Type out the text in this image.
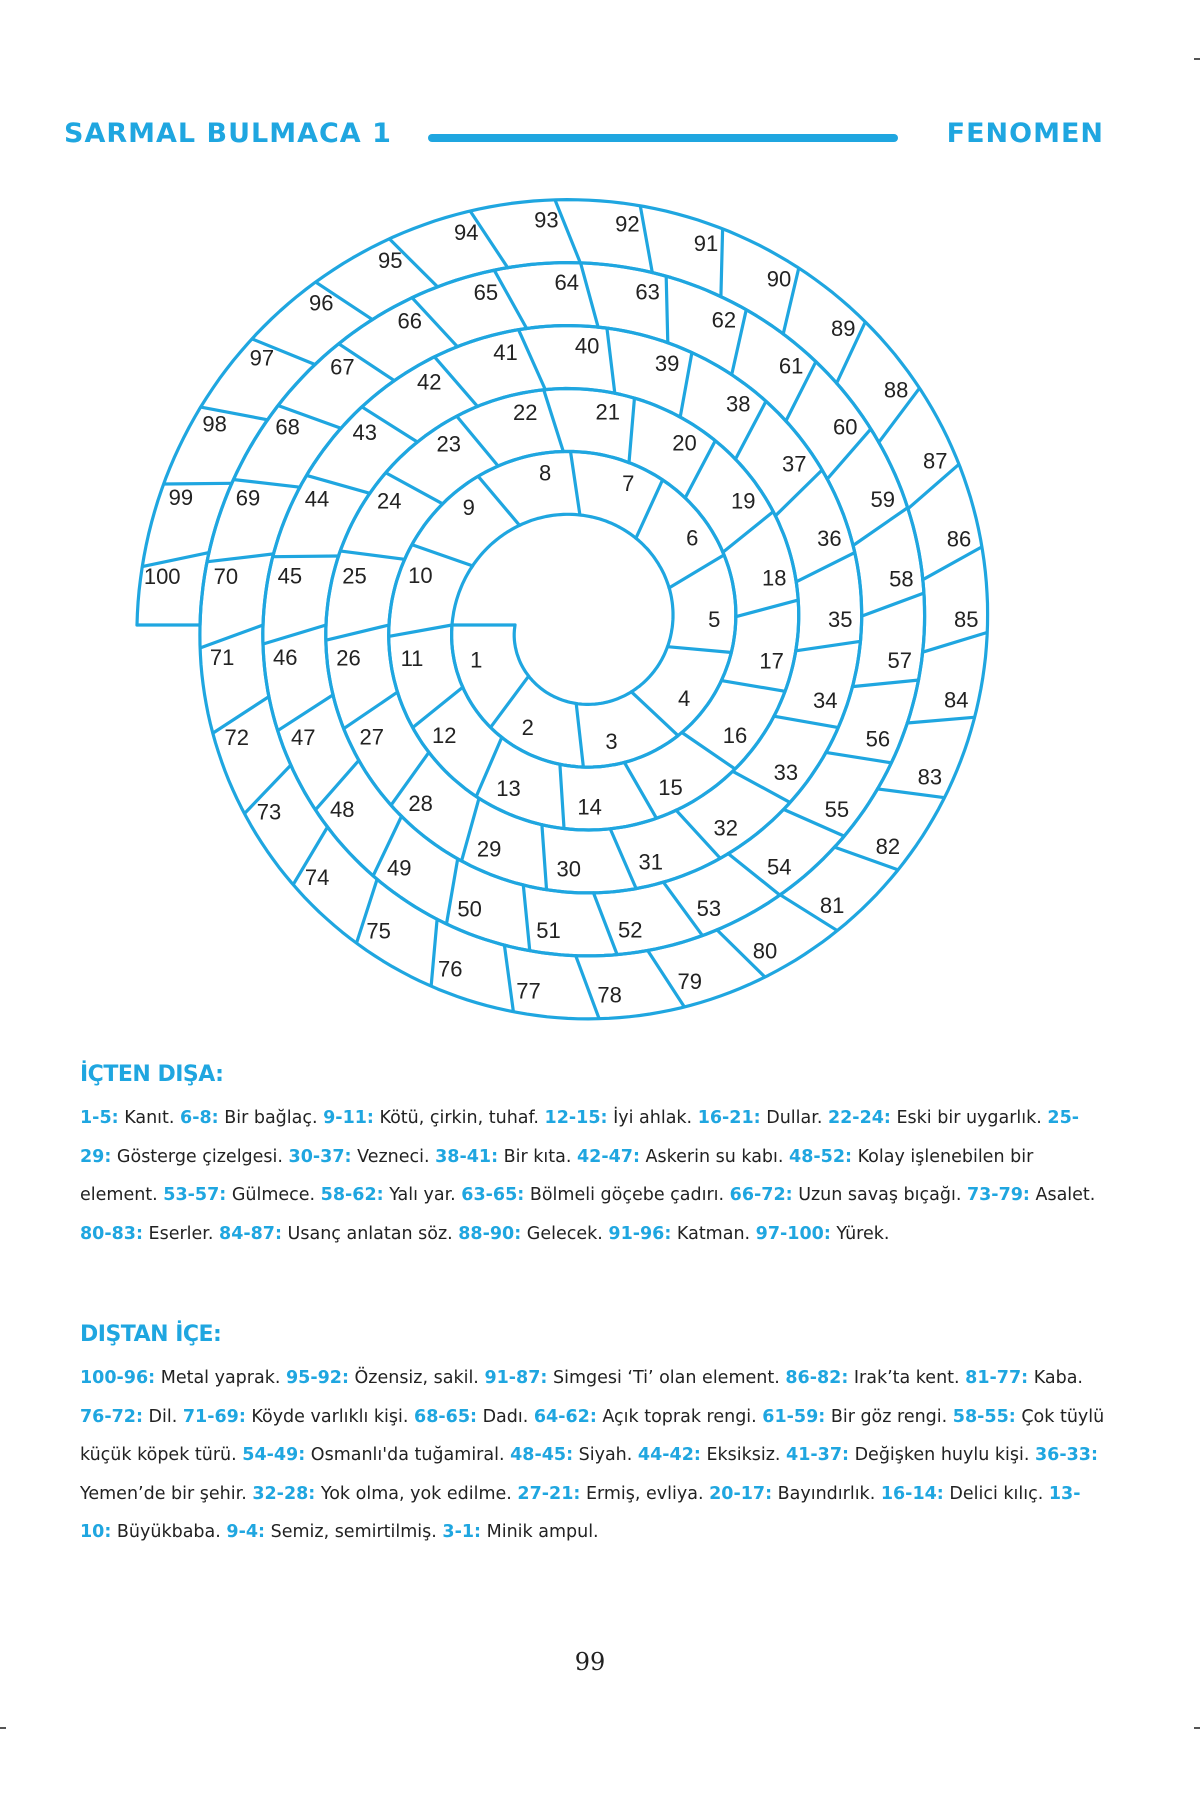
SARMAL BULMACA 1	FENOMEN
1
2
3
4
5
6
7
8
9
10
11
12
13
14
15
16
17
18
19
20
21
22
23
24
25
26
27
28
29
30	31
32
33
34
35
36
37
38
39
40
41
42
43
44
45
46
47
48
49
50
51	52
53
54
55
56
57
58
59
60
61
62
63
64
65
66
67
68
69
70
71
72
73
74
75
76
77	78
79
80
81
82
83
84
85
86
87
88
89
90
91
92
93
94
95
96
97
98
99
100
İÇTEN DIŞA:

1-5: Kanıt. 6-8: Bir bağlaç. 9-11: Kötü, çirkin, tuhaf. 12-15: İyi ahlak. 16-21: Dullar. 22-24: Eski bir uygarlık. 25-29: Gösterge çizelgesi. 30-37: Vezneci. 38-41: Bir kıta. 42-47: Askerin su kabı. 48-52: Kolay işlenebilen bir element. 53-57: Gülmece. 58-62: Yalı yar. 63-65: Bölmeli göçebe çadırı. 66-72: Uzun savaş bıçağı. 73-79: Asalet. 80-83: Eserler. 84-87: Usanç anlatan söz. 88-90: Gelecek. 91-96: Katman. 97-100: Yürek.

DIŞTAN İÇE:

100-96: Metal yaprak. 95-92: Özensiz, sakil. 91-87: Simgesi ‘Ti’ olan element. 86-82: Irak’ta kent. 81-77: Kaba. 76-72: Dil. 71-69: Köyde varlıklı kişi. 68-65: Dadı. 64-62: Açık toprak rengi. 61-59: Bir göz rengi. 58-55: Çok tüylü küçük köpek türü. 54-49: Osmanlı'da tuğamiral. 48-45: Siyah. 44-42: Eksiksiz. 41-37: Değişken huylu kişi. 36-33: Yemen’de bir şehir. 32-28: Yok olma, yok edilme. 27-21: Ermiş, evliya. 20-17: Bayındırlık. 16-14: Delici kılıç. 13-10: Büyükbaba. 9-4: Semiz, semirtilmiş. 3-1: Minik ampul.

99
